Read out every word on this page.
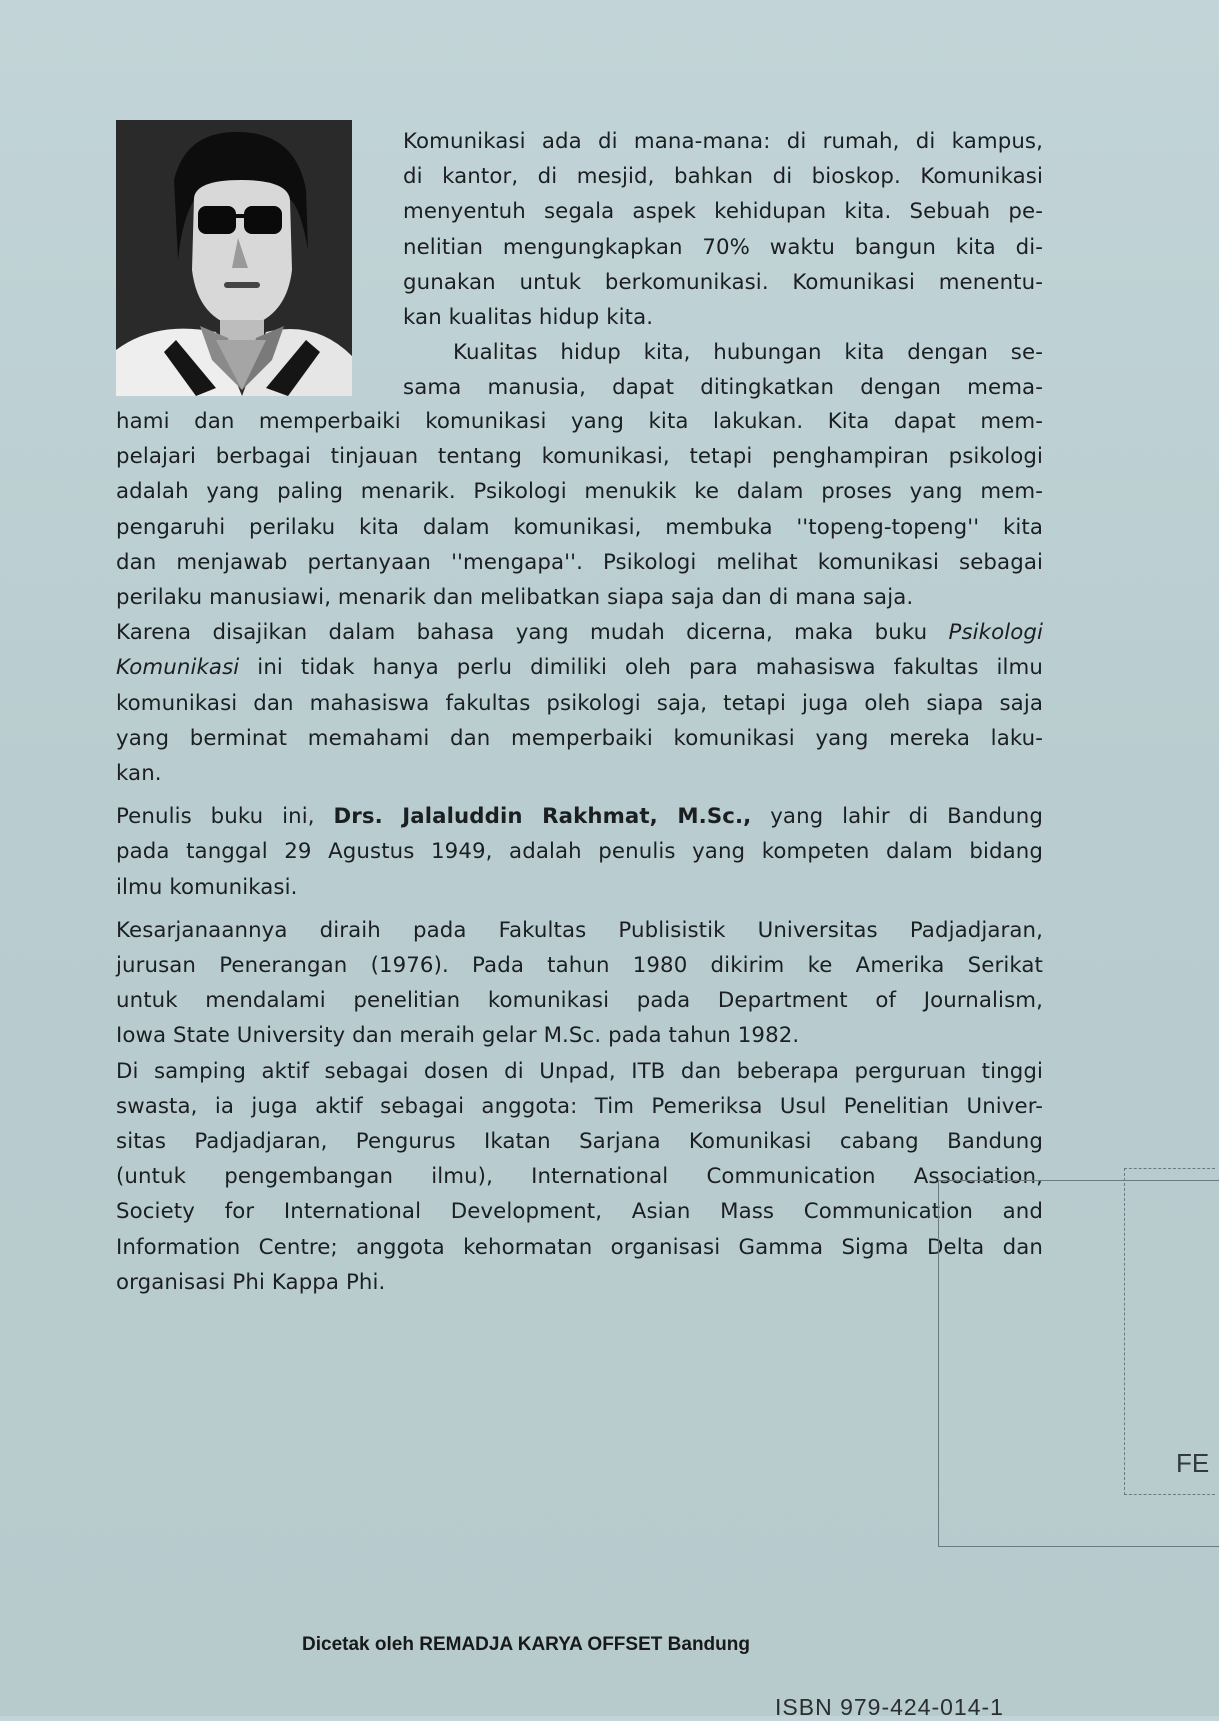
Komunikasi ada di mana-mana: di rumah, di kampus,

di kantor, di mesjid, bahkan di bioskop. Komunikasi

menyentuh segala aspek kehidupan kita. Sebuah pe-

nelitian mengungkapkan 70% waktu bangun kita di-

gunakan untuk berkomunikasi. Komunikasi menentu-

kan kualitas hidup kita.

Kualitas hidup kita, hubungan kita dengan se-

sama manusia, dapat ditingkatkan dengan mema-

hami dan memperbaiki komunikasi yang kita lakukan. Kita dapat mem-

pelajari berbagai tinjauan tentang komunikasi, tetapi penghampiran psikologi

adalah yang paling menarik. Psikologi menukik ke dalam proses yang mem-

pengaruhi perilaku kita dalam komunikasi, membuka ''topeng-topeng'' kita

dan menjawab pertanyaan ''mengapa''. Psikologi melihat komunikasi sebagai

perilaku manusiawi, menarik dan melibatkan siapa saja dan di mana saja.

Karena disajikan dalam bahasa yang mudah dicerna, maka buku Psikologi

Komunikasi ini tidak hanya perlu dimiliki oleh para mahasiswa fakultas ilmu

komunikasi dan mahasiswa fakultas psikologi saja, tetapi juga oleh siapa saja

yang berminat memahami dan memperbaiki komunikasi yang mereka laku-

kan.

Penulis buku ini, Drs. Jalaluddin Rakhmat, M.Sc., yang lahir di Bandung

pada tanggal 29 Agustus 1949, adalah penulis yang kompeten dalam bidang

ilmu komunikasi.

Kesarjanaannya diraih pada Fakultas Publisistik Universitas Padjadjaran,

jurusan Penerangan (1976). Pada tahun 1980 dikirim ke Amerika Serikat

untuk mendalami penelitian komunikasi pada Department of Journalism,

Iowa State University dan meraih gelar M.Sc. pada tahun 1982.

Di samping aktif sebagai dosen di Unpad, ITB dan beberapa perguruan tinggi

swasta, ia juga aktif sebagai anggota: Tim Pemeriksa Usul Penelitian Univer-

sitas Padjadjaran, Pengurus Ikatan Sarjana Komunikasi cabang Bandung

(untuk pengembangan ilmu), International Communication Association,

Society for International Development, Asian Mass Communication and

Information Centre; anggota kehormatan organisasi Gamma Sigma Delta dan

organisasi Phi Kappa Phi.

FE
Dicetak oleh REMADJA KARYA OFFSET Bandung
ISBN 979-424-014-1
